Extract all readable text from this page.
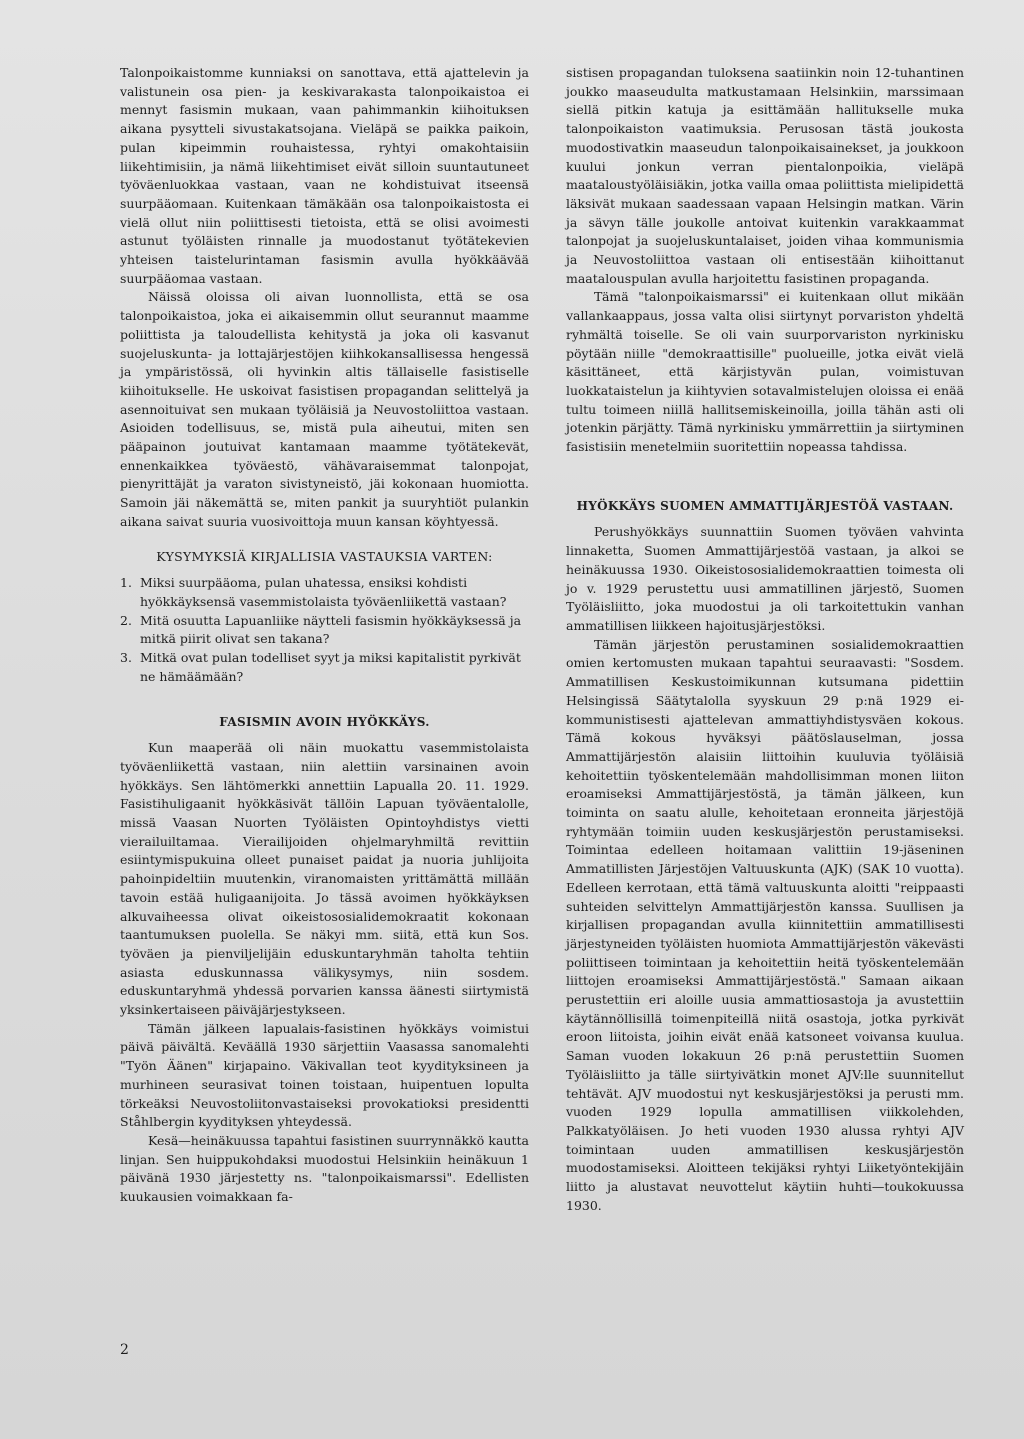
Talonpoikaistomme kunniaksi on sanottava, että ajattelevin ja valistunein osa pien- ja keskivarakasta talonpoikaistoa ei mennyt fasismin mukaan, vaan pahimmankin kiihoituksen aikana pysytteli sivustakatsojana. Vieläpä se paikka paikoin, pulan kipeimmin rouhaistessa, ryhtyi omakohtaisiin liikehtimisiin, ja nämä liikehtimiset eivät silloin suuntautuneet työväenluokkaa vastaan, vaan ne kohdistuivat itseensä suurpääomaan. Kuitenkaan tämäkään osa talonpoikaistosta ei vielä ollut niin poliittisesti tietoista, että se olisi avoimesti astunut työläisten rinnalle ja muodostanut työtätekevien yhteisen taistelurintaman fasismin avulla hyökkäävää suurpääomaa vastaan.

Näissä oloissa oli aivan luonnollista, että se osa talonpoikaistoa, joka ei aikaisemmin ollut seurannut maamme poliittista ja taloudellista kehitystä ja joka oli kasvanut suojeluskunta- ja lottajärjestöjen kiihkokansallisessa hengessä ja ympäristössä, oli hyvinkin altis tällaiselle fasistiselle kiihoitukselle. He uskoivat fasistisen propagandan selittelyä ja asennoituivat sen mukaan työläisiä ja Neuvostoliittoa vastaan. Asioiden todellisuus, se, mistä pula aiheutui, miten sen pääpainon joutuivat kantamaan maamme työtätekevät, ennenkaikkea työväestö, vähävaraisemmat talonpojat, pienyrittäjät ja varaton sivistyneistö, jäi kokonaan huomiotta. Samoin jäi näkemättä se, miten pankit ja suuryhtiöt pulankin aikana saivat suuria vuosivoittoja muun kansan köyhtyessä.

KYSYMYKSIÄ KIRJALLISIA VASTAUKSIA VARTEN:
1. Miksi suurpääoma, pulan uhatessa, ensiksi kohdisti hyökkäyksensä vasemmistolaista työväenliikettä vastaan?
2. Mitä osuutta Lapuanliike näytteli fasismin hyökkäyksessä ja mitkä piirit olivat sen takana?
3. Mitkä ovat pulan todelliset syyt ja miksi kapitalistit pyrkivät ne hämäämään?
FASISMIN AVOIN HYÖKKÄYS.

Kun maaperää oli näin muokattu vasemmistolaista työväenliikettä vastaan, niin alettiin varsinainen avoin hyökkäys. Sen lähtömerkki annettiin Lapualla 20. 11. 1929. Fasistihuligaanit hyökkäsivät tällöin Lapuan työväentalolle, missä Vaasan Nuorten Työläisten Opintoyhdistys vietti vierailuiltamaa. Vierailijoiden ohjelmaryhmiltä revittiin esiintymispukuina olleet punaiset paidat ja nuoria juhlijoita pahoinpideltiin muutenkin, viranomaisten yrittämättä millään tavoin estää huligaanijoita. Jo tässä avoimen hyökkäyksen alkuvaiheessa olivat oikeistososialidemokraatit kokonaan taantumuksen puolella. Se näkyi mm. siitä, että kun Sos. työväen ja pienviljelijäin eduskuntaryhmän taholta tehtiin asiasta eduskunnassa välikysymys, niin sosdem. eduskuntaryhmä yhdessä porvarien kanssa äänesti siirtymistä yksinkertaiseen päiväjärjestykseen.

Tämän jälkeen lapualais-fasistinen hyökkäys voimistui päivä päivältä. Keväällä 1930 särjettiin Vaasassa sanomalehti "Työn Äänen" kirjapaino. Väkivallan teot kyydityksineen ja murhineen seurasivat toinen toistaan, huipentuen lopulta törkeäksi Neuvostoliitonvastaiseksi provokatioksi presidentti Ståhlbergin kyydityksen yhteydessä.

Kesä—heinäkuussa tapahtui fasistinen suurrynnäkkö kautta linjan. Sen huippukohdaksi muodostui Helsinkiin heinäkuun 1 päivänä 1930 järjestetty ns. "talonpoikaismarssi". Edellisten kuukausien voimakkaan fa-

sistisen propagandan tuloksena saatiinkin noin 12-tuhantinen joukko maaseudulta matkustamaan Helsinkiin, marssimaan siellä pitkin katuja ja esittämään hallitukselle muka talonpoikaiston vaatimuksia. Perusosan tästä joukosta muodostivatkin maaseudun talonpoikaisainekset, ja joukkoon kuului jonkun verran pientalonpoikia, vieläpä maataloustyöläisiäkin, jotka vailla omaa poliittista mielipidettä läksivät mukaan saadessaan vapaan Helsingin matkan. Värin ja sävyn tälle joukolle antoivat kuitenkin varakkaammat talonpojat ja suojeluskuntalaiset, joiden vihaa kommunismia ja Neuvostoliittoa vastaan oli entisestään kiihoittanut maatalouspulan avulla harjoitettu fasistinen propaganda.

Tämä "talonpoikaismarssi" ei kuitenkaan ollut mikään vallankaappaus, jossa valta olisi siirtynyt porvariston yhdeltä ryhmältä toiselle. Se oli vain suurporvariston nyrkinisku pöytään niille "demokraattisille" puolueille, jotka eivät vielä käsittäneet, että kärjistyvän pulan, voimistuvan luokkataistelun ja kiihtyvien sotavalmistelujen oloissa ei enää tultu toimeen niillä hallitsemiskeinoilla, joilla tähän asti oli jotenkin pärjätty. Tämä nyrkinisku ymmärrettiin ja siirtyminen fasistisiin menetelmiin suoritettiin nopeassa tahdissa.

HYÖKKÄYS SUOMEN AMMATTIJÄRJESTÖÄ VASTAAN.

Perushyökkäys suunnattiin Suomen työväen vahvinta linnaketta, Suomen Ammattijärjestöä vastaan, ja alkoi se heinäkuussa 1930. Oikeistososialidemokraattien toimesta oli jo v. 1929 perustettu uusi ammatillinen järjestö, Suomen Työläisliitto, joka muodostui ja oli tarkoitettukin vanhan ammatillisen liikkeen hajoitusjärjestöksi.

Tämän järjestön perustaminen sosialidemokraattien omien kertomusten mukaan tapahtui seuraavasti: "Sosdem. Ammatillisen Keskustoimikunnan kutsumana pidettiin Helsingissä Säätytalolla syyskuun 29 p:nä 1929 ei-kommunistisesti ajattelevan ammattiyhdistysväen kokous. Tämä kokous hyväksyi päätöslauselman, jossa Ammattijärjestön alaisiin liittoihin kuuluvia työläisiä kehoitettiin työskentelemään mahdollisimman monen liiton eroamiseksi Ammattijärjestöstä, ja tämän jälkeen, kun toiminta on saatu alulle, kehoitetaan eronneita järjestöjä ryhtymään toimiin uuden keskusjärjestön perustamiseksi. Toimintaa edelleen hoitamaan valittiin 19-jäseninen Ammatillisten Järjestöjen Valtuuskunta (AJK) (SAK 10 vuotta). Edelleen kerrotaan, että tämä valtuuskunta aloitti "reippaasti suhteiden selvittelyn Ammattijärjestön kanssa. Suullisen ja kirjallisen propagandan avulla kiinnitettiin ammatillisesti järjestyneiden työläisten huomiota Ammattijärjestön väkevästi poliittiseen toimintaan ja kehoitettiin heitä työskentelemään liittojen eroamiseksi Ammattijärjestöstä." Samaan aikaan perustettiin eri aloille uusia ammattiosastoja ja avustettiin käytännöllisillä toimenpiteillä niitä osastoja, jotka pyrkivät eroon liitoista, joihin eivät enää katsoneet voivansa kuulua. Saman vuoden lokakuun 26 p:nä perustettiin Suomen Työläisliitto ja tälle siirtyivätkin monet AJV:lle suunnitellut tehtävät. AJV muodostui nyt keskusjärjestöksi ja perusti mm. vuoden 1929 lopulla ammatillisen viikkolehden, Palkkatyöläisen. Jo heti vuoden 1930 alussa ryhtyi AJV toimintaan uuden ammatillisen keskusjärjestön muodostamiseksi. Aloitteen tekijäksi ryhtyi Liiketyöntekijäin liitto ja alustavat neuvottelut käytiin huhti—toukokuussa 1930.

2
